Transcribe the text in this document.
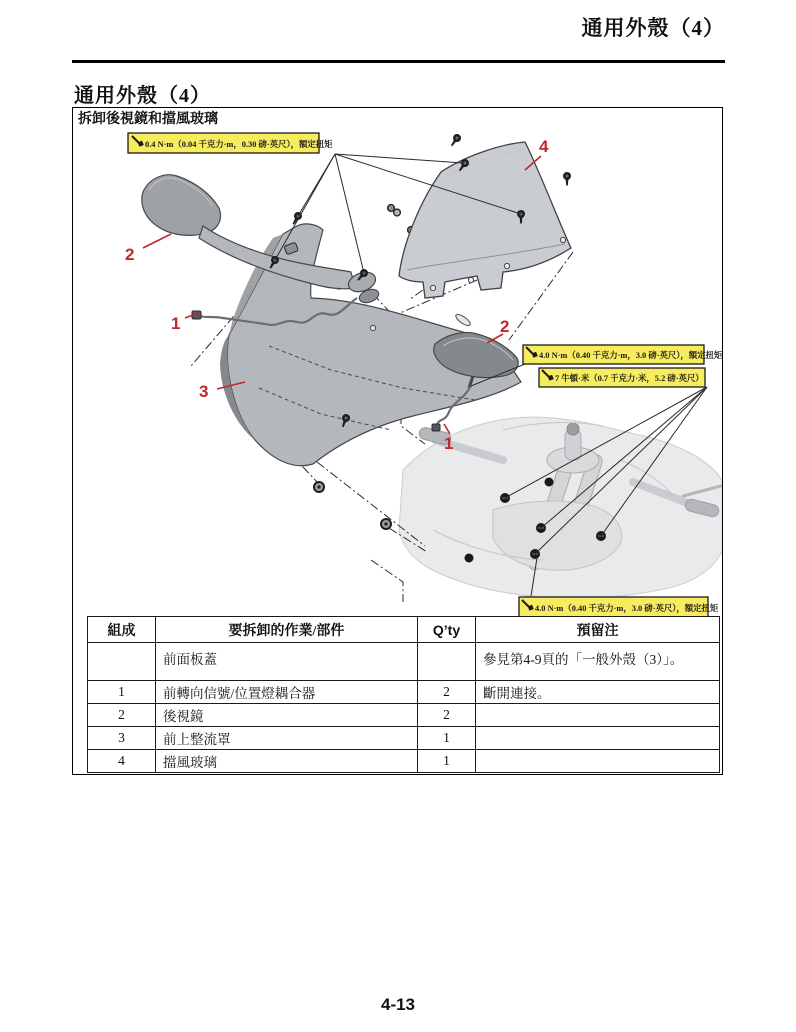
通用外殼（4）
通用外殼（4）
拆卸後視鏡和擋風玻璃
0.4 N·m（0.04 千克力·m，0.30 磅·英尺），額定扭矩
4.0 N·m（0.40 千克力·m，3.0 磅·英尺），額定扭矩
7 牛頓·米（0.7 千克力·米，5.2 磅·英尺）
4.0 N·m（0.40 千克力·m，3.0 磅·英尺），額定扭矩
2
1
3
4
2
1
組成	要拆卸的作業/部件	Q’ty	預留注
	前面板蓋		參見第4-9頁的「一般外殼（3）」。
1	前轉向信號/位置燈耦合器	2	斷開連接。
2	後視鏡	2	
3	前上整流罩	1	
4	擋風玻璃	1	
4-13
